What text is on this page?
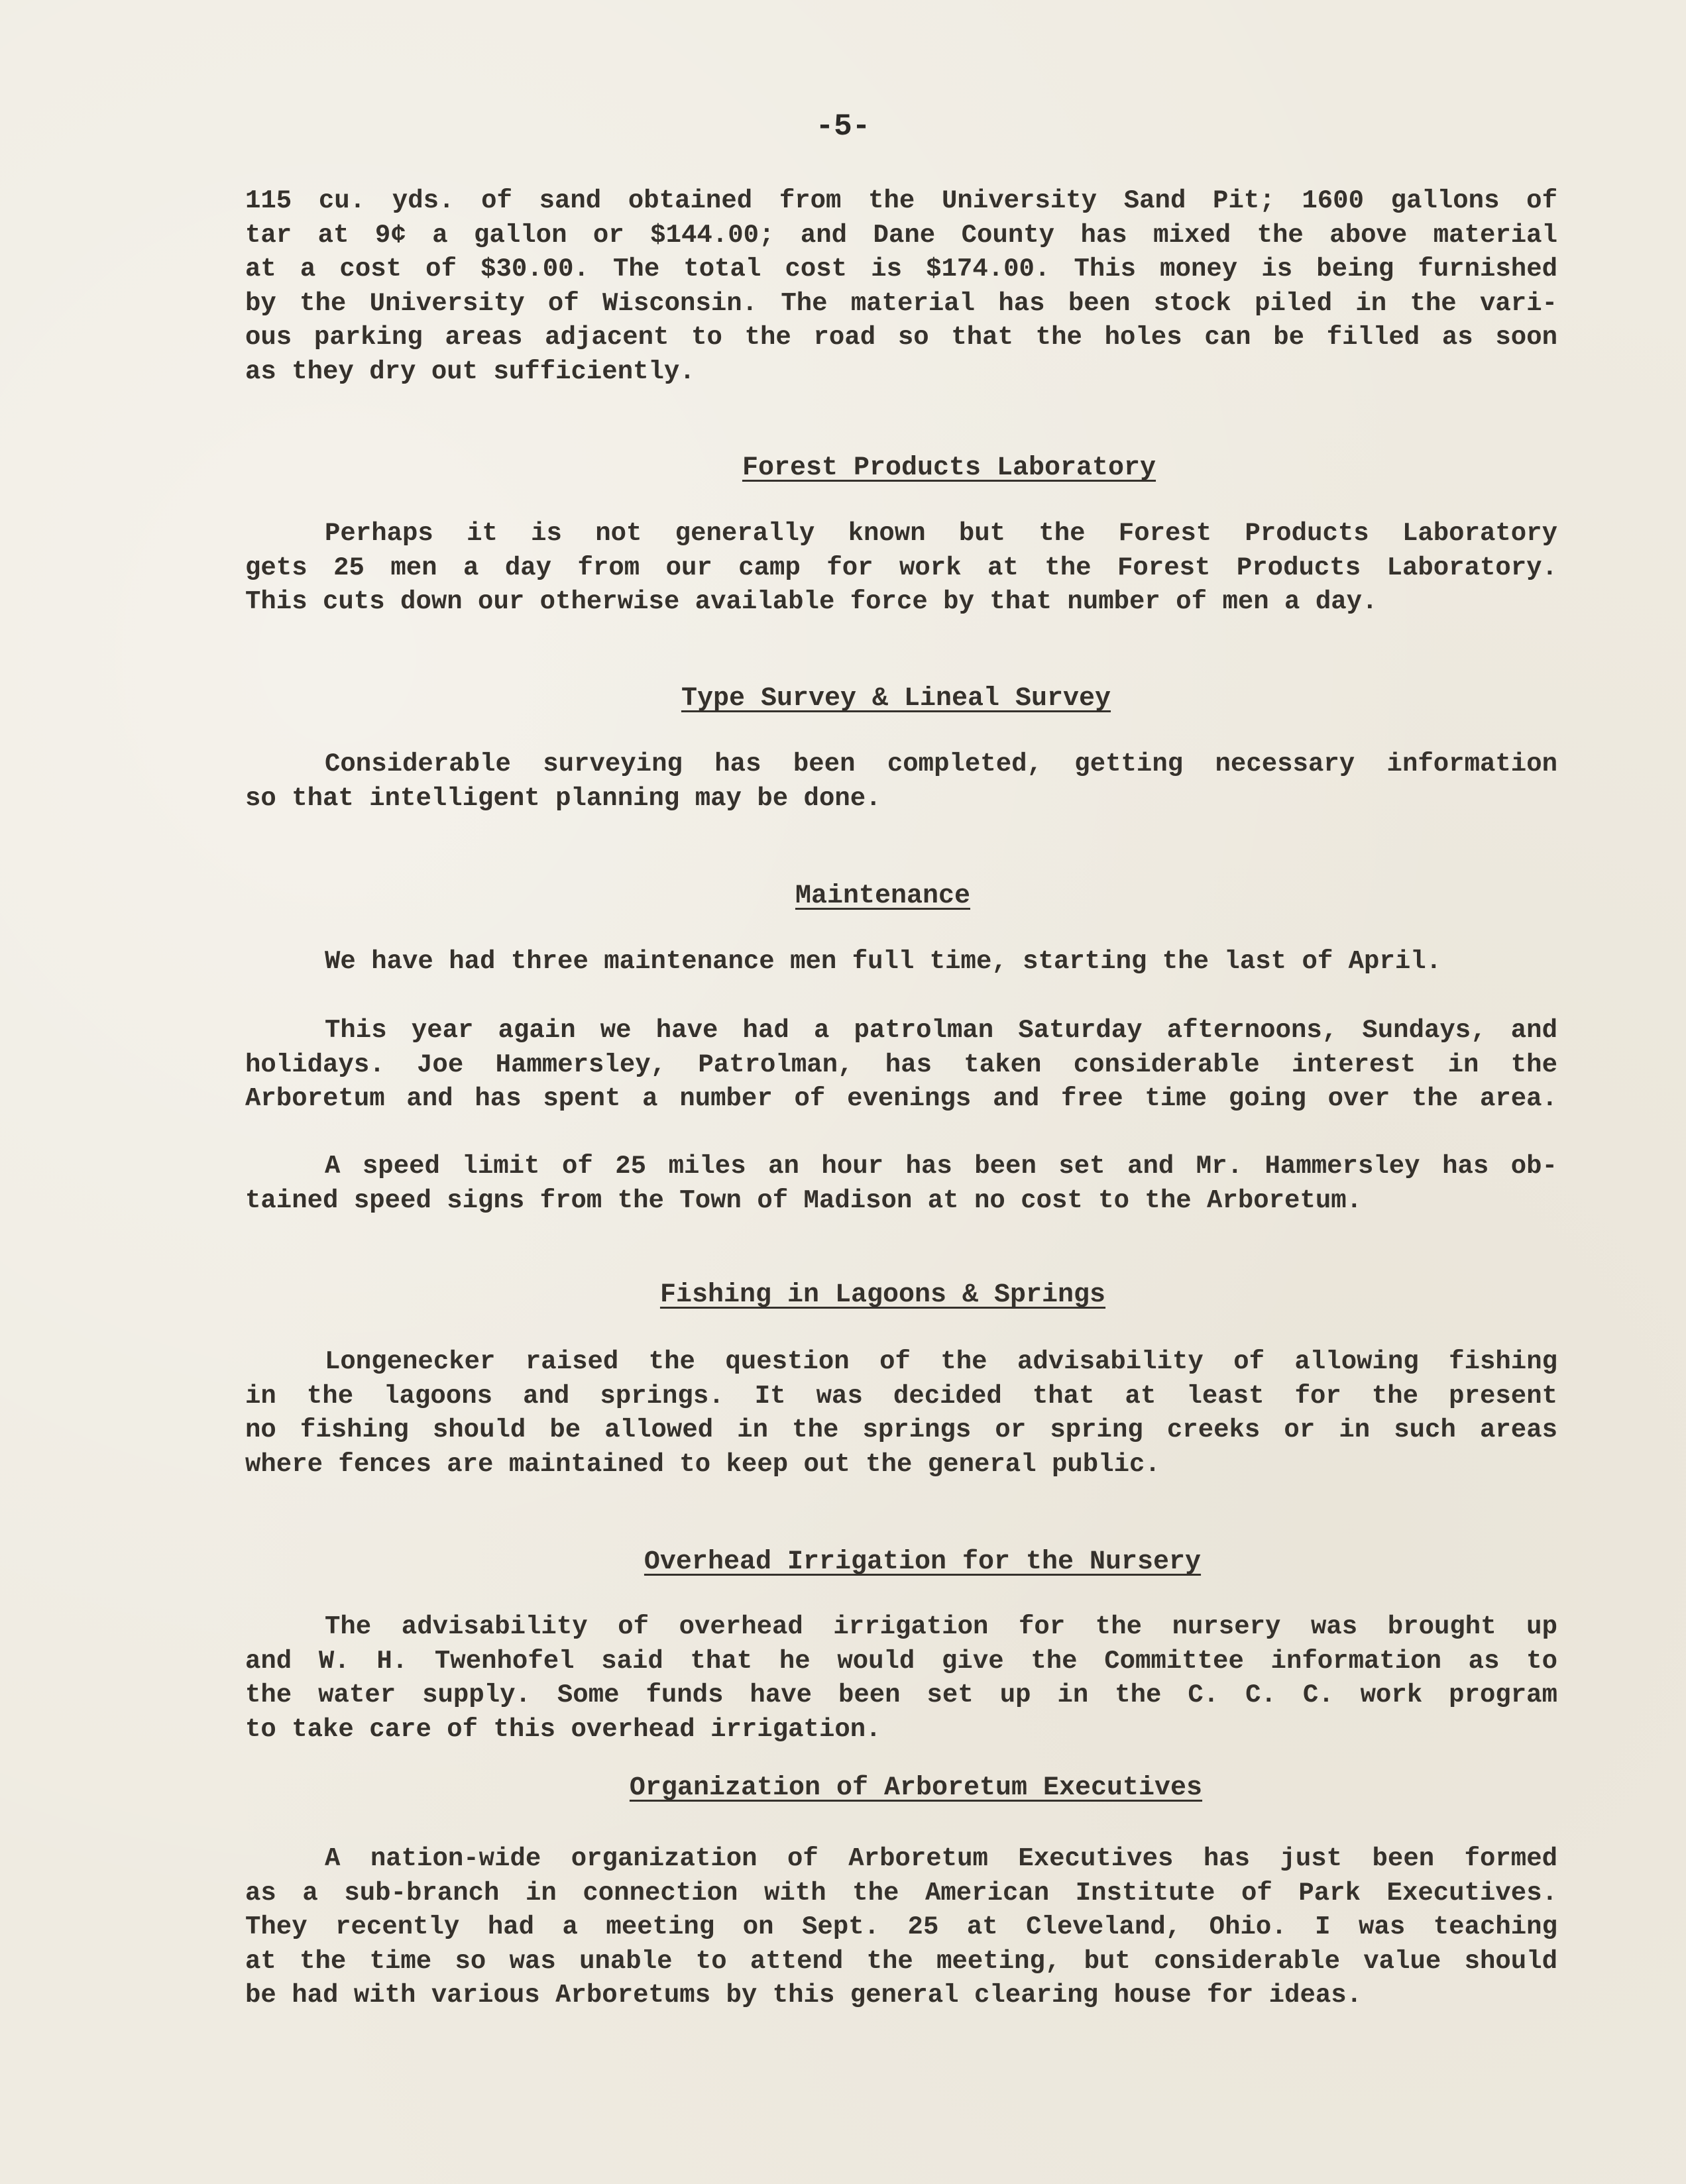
-5-
115 cu. yds. of sand obtained from the University Sand Pit; 1600 gallons of
tar at 9¢ a gallon or $144.00; and Dane County has mixed the above material
at a cost of $30.00. The total cost is $174.00. This money is being furnished
by the University of Wisconsin. The material has been stock piled in the vari-
ous parking areas adjacent to the road so that the holes can be filled as soon
as they dry out sufficiently.
Forest Products Laboratory
Perhaps it is not generally known but the Forest Products Laboratory
gets 25 men a day from our camp for work at the Forest Products Laboratory.
This cuts down our otherwise available force by that number of men a day.
Type Survey & Lineal Survey
Considerable surveying has been completed, getting necessary information
so that intelligent planning may be done.
Maintenance
We have had three maintenance men full time, starting the last of April.
This year again we have had a patrolman Saturday afternoons, Sundays, and
holidays. Joe Hammersley, Patrolman, has taken considerable interest in the
Arboretum and has spent a number of evenings and free time going over the area.
A speed limit of 25 miles an hour has been set and Mr. Hammersley has ob-
tained speed signs from the Town of Madison at no cost to the Arboretum.
Fishing in Lagoons & Springs
Longenecker raised the question of the advisability of allowing fishing
in the lagoons and springs. It was decided that at least for the present
no fishing should be allowed in the springs or spring creeks or in such areas
where fences are maintained to keep out the general public.
Overhead Irrigation for the Nursery
The advisability of overhead irrigation for the nursery was brought up
and W. H. Twenhofel said that he would give the Committee information as to
the water supply. Some funds have been set up in the C. C. C. work program
to take care of this overhead irrigation.
Organization of Arboretum Executives
A nation-wide organization of Arboretum Executives has just been formed
as a sub-branch in connection with the American Institute of Park Executives.
They recently had a meeting on Sept. 25 at Cleveland, Ohio. I was teaching
at the time so was unable to attend the meeting, but considerable value should
be had with various Arboretums by this general clearing house for ideas.
